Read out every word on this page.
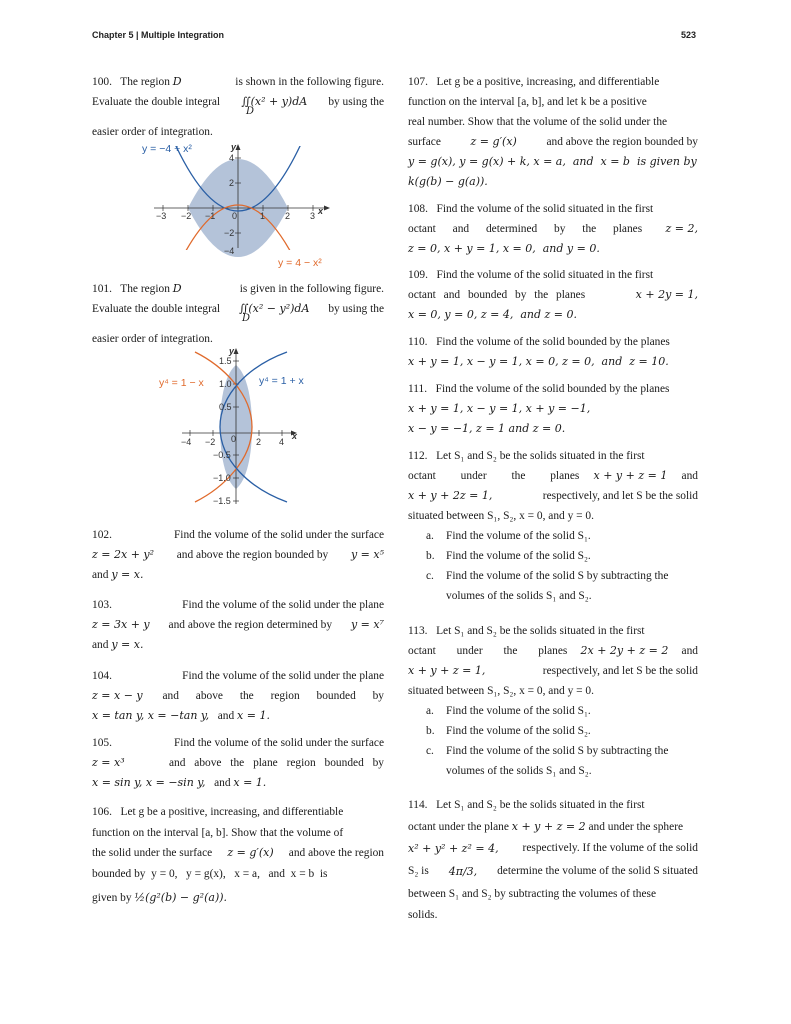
Chapter 5 | Multiple Integration	523
100. The region D	is shown in the following figure.
Evaluate the double integral ∬(x² + y)dA by using the
D
easier order of integration.
−3 −2 −1 0	1 2 3
4
2
−2
−4
y
x
y = −4 + x²
y = 4 − x²
101. The region D	is given in the following figure.
Evaluate the double integral ∬(x² − y²)dA by using the
D
easier order of integration.
−4 −2 0 2 4
1.5
1.0
0.5
−0.5
−1.0
−1.5
y
x
y⁴ = 1 − x	y⁴ = 1 + x
102.	Find the volume of the solid under the surface
z = 2x + y² and above the region bounded by y = x⁵
and y = x.
103.	Find the volume of the solid under the plane
z = 3x + y and above the region determined by y = x⁷
and y = x.
104.	Find the volume of the solid under the plane
z = x − y and above the region bounded by
x = tan y, x = −tan y, and x = 1.
105.	Find the volume of the solid under the surface
z = x³	and above the plane region bounded by
x = sin y, x = −sin y, and x = 1.
106. Let g be a positive, increasing, and differentiable
function on the interval [a, b]. Show that the volume of
the solid under the surface z = g′(x) and above the region
bounded by  y = 0,   y = g(x),   x = a,   and  x = b  is
given by ½(g²(b) − g²(a)).
107. Let g be a positive, increasing, and differentiable
function on the interval [a, b], and let k be a positive
real number. Show that the volume of the solid under the
surface	z = g′(x)	and above the region bounded by
y = g(x), y = g(x) + k, x = a,  and  x = b  is given by
k(g(b) − g(a)).
108. Find the volume of the solid situated in the first
octant and determined by the planes z = 2,
z = 0, x + y = 1, x = 0,  and y = 0.
109. Find the volume of the solid situated in the first
octant and bounded by the planes	x + 2y = 1,
x = 0, y = 0, z = 4,  and z = 0.
110. Find the volume of the solid bounded by the planes
x + y = 1, x − y = 1, x = 0, z = 0,  and  z = 10.
111. Find the volume of the solid bounded by the planes
x + y = 1, x − y = 1, x + y = −1,
x − y = −1, z = 1 and z = 0.
112. Let S₁ and S₂ be the solids situated in the first
octant under the planes x + y + z = 1 and
x + y + 2z = 1,	respectively, and let S be the solid
situated between S₁, S₂, x = 0, and y = 0.
a. Find the volume of the solid S₁.
b. Find the volume of the solid S₂.
c. Find the volume of the solid S by subtracting the
volumes of the solids S₁ and S₂.
113. Let S₁ and S₂ be the solids situated in the first
octant under the planes 2x + 2y + z = 2 and
x + y + z = 1,	respectively, and let S be the solid
situated between S₁, S₂, x = 0, and y = 0.
a. Find the volume of the solid S₁.
b. Find the volume of the solid S₂.
c. Find the volume of the solid S by subtracting the
volumes of the solids S₁ and S₂.
114. Let S₁ and S₂ be the solids situated in the first
octant under the plane x + y + z = 2 and under the sphere
x² + y² + z² = 4, respectively. If the volume of the solid
S₂ is 4π/3, determine the volume of the solid S situated
between S₁ and S₂ by subtracting the volumes of these
solids.
